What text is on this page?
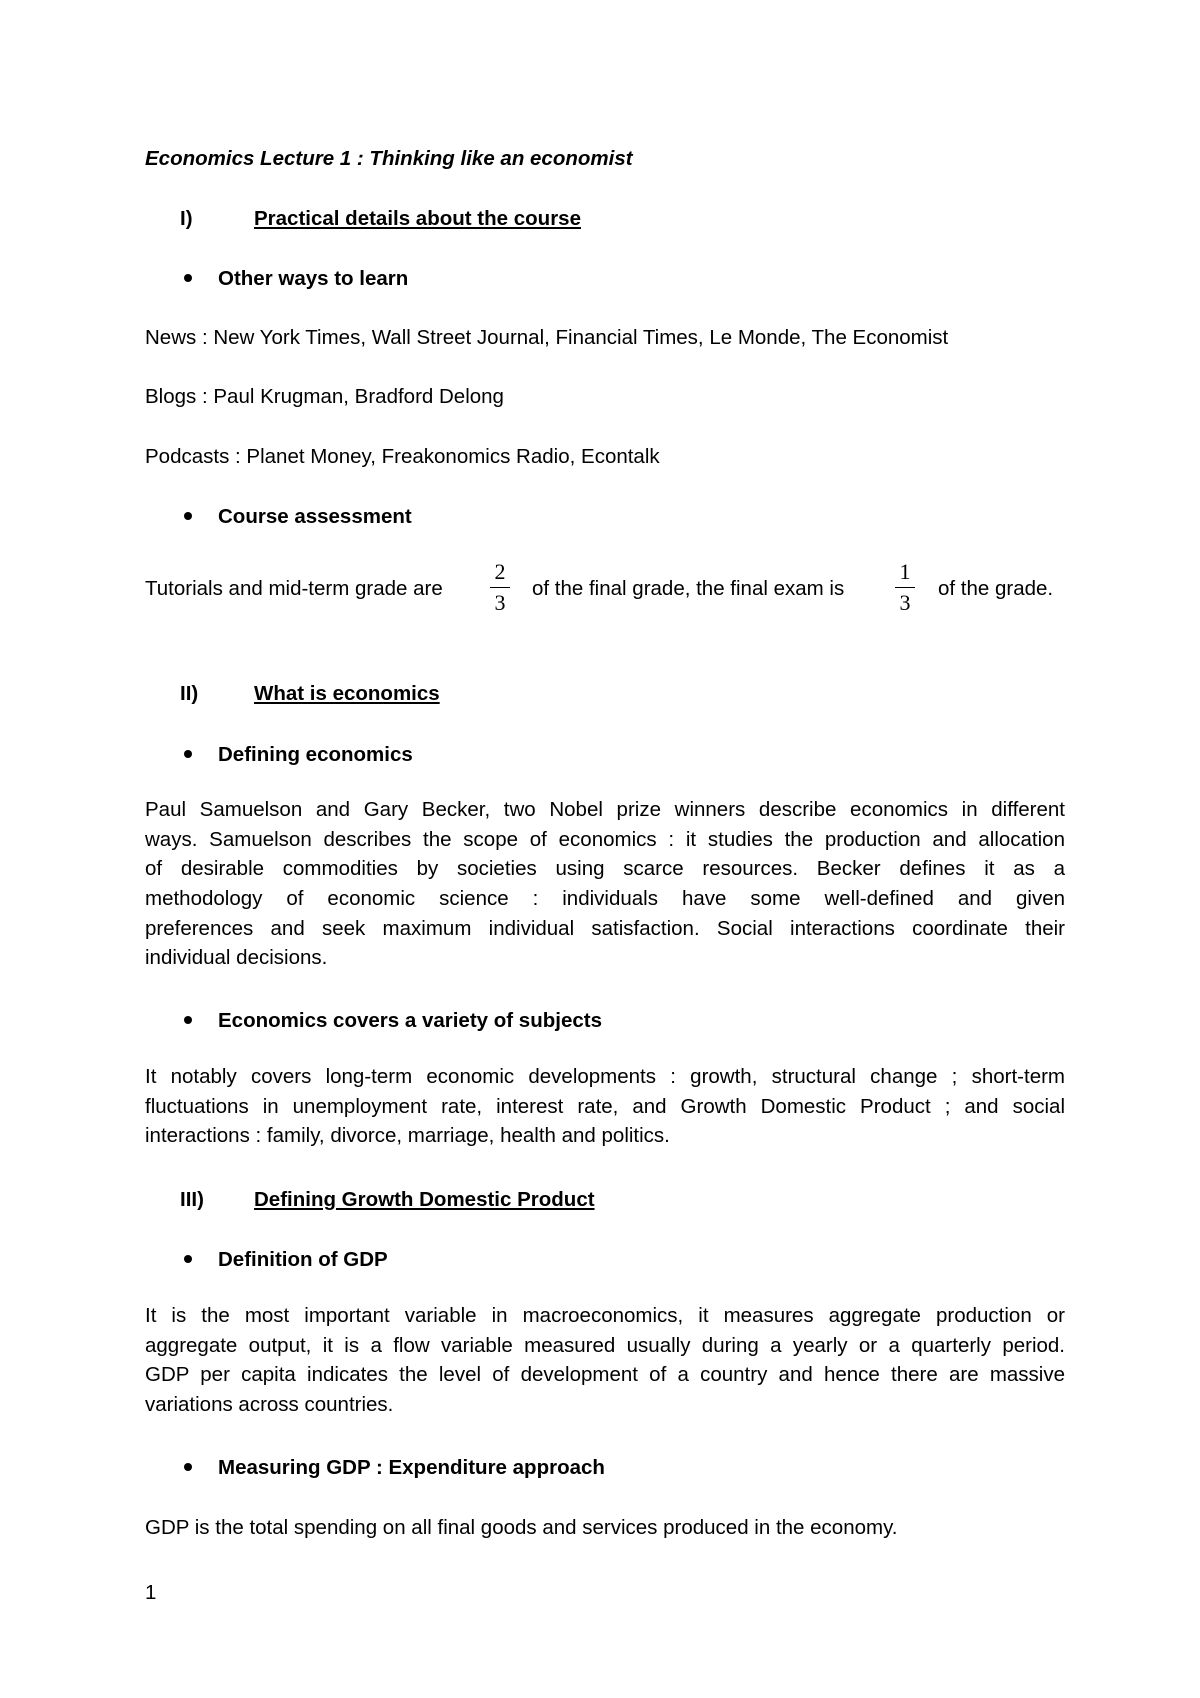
Economics Lecture 1 : Thinking like an economist
I)	Practical details about the course
Other ways to learn
News : New York Times, Wall Street Journal, Financial Times, Le Monde, The Economist
Blogs : Paul Krugman, Bradford Delong
Podcasts : Planet Money, Freakonomics Radio, Econtalk
Course assessment
Tutorials and mid-term grade are
2
3
of the final grade, the final exam is
1
3
of the grade.
II)	What is economics
Defining economics
Paul Samuelson and Gary Becker, two Nobel prize winners describe economics in different
ways. Samuelson describes the scope of economics : it studies the production and allocation
of desirable commodities by societies using scarce resources. Becker defines it as a
methodology of economic science : individuals have some well-defined and given
preferences and seek maximum individual satisfaction. Social interactions coordinate their
individual decisions.
Economics covers a variety of subjects
It notably covers long-term economic developments : growth, structural change ; short-term
fluctuations in unemployment rate, interest rate, and Growth Domestic Product ; and social
interactions : family, divorce, marriage, health and politics.
III) Defining Growth Domestic Product
Definition of GDP
It is the most important variable in macroeconomics, it measures aggregate production or
aggregate output, it is a flow variable measured usually during a yearly or a quarterly period.
GDP per capita indicates the level of development of a country and hence there are massive
variations across countries.
Measuring GDP : Expenditure approach
GDP is the total spending on all final goods and services produced in the economy.
1
